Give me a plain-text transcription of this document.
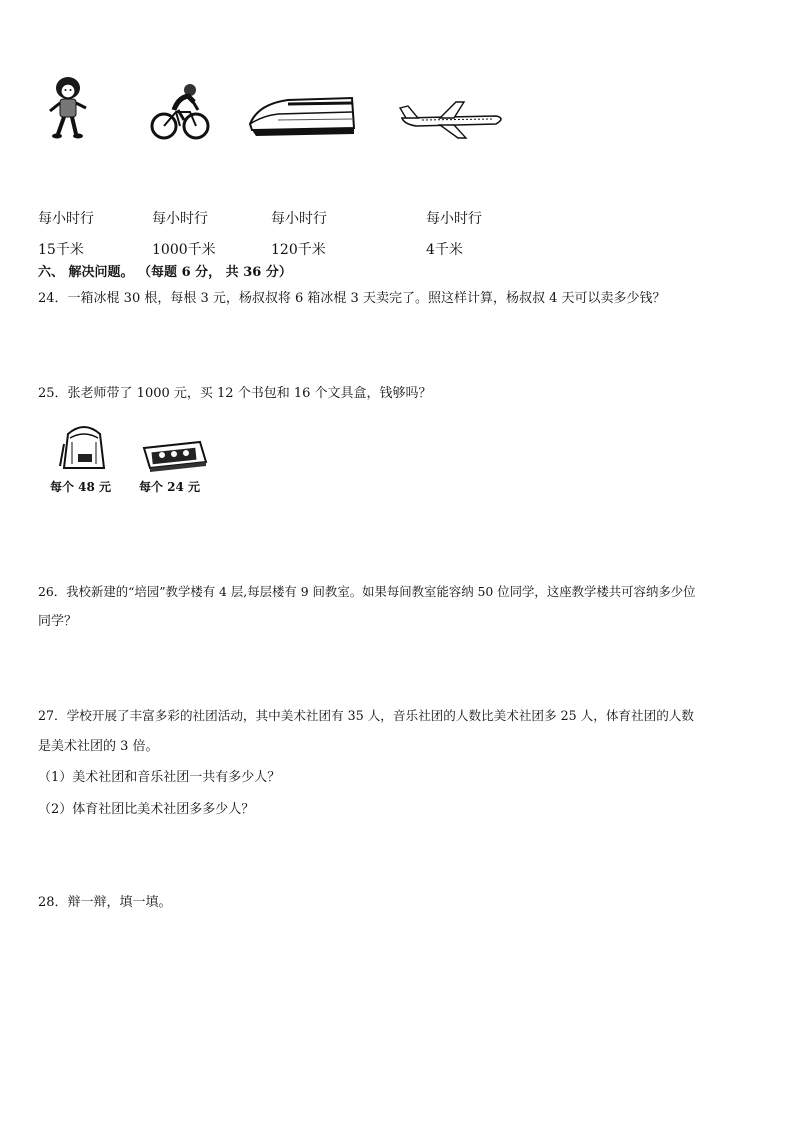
每小时行	每小时行	每小时行	每小时行
15千米	1000千米	120千米	4千米
六、 解决问题。 （每题 6 分， 共 36 分）
24．一箱冰棍 30 根，每根 3 元，杨叔叔将 6 箱冰棍 3 天卖完了。照这样计算，杨叔叔 4 天可以卖多少钱？
25．张老师带了 1000 元，买 12 个书包和 16 个文具盒，钱够吗？
每个 48 元 每个 24 元
26．我校新建的“培园”教学楼有 4 层,每层楼有 9 间教室。如果每间教室能容纳 50 位同学，这座教学楼共可容纳多少位
同学？
27．学校开展了丰富多彩的社团活动，其中美术社团有 35 人，音乐社团的人数比美术社团多 25 人，体育社团的人数
是美术社团的 3 倍。
（1）美术社团和音乐社团一共有多少人？
（2）体育社团比美术社团多多少人？
28．辩一辩，填一填。
